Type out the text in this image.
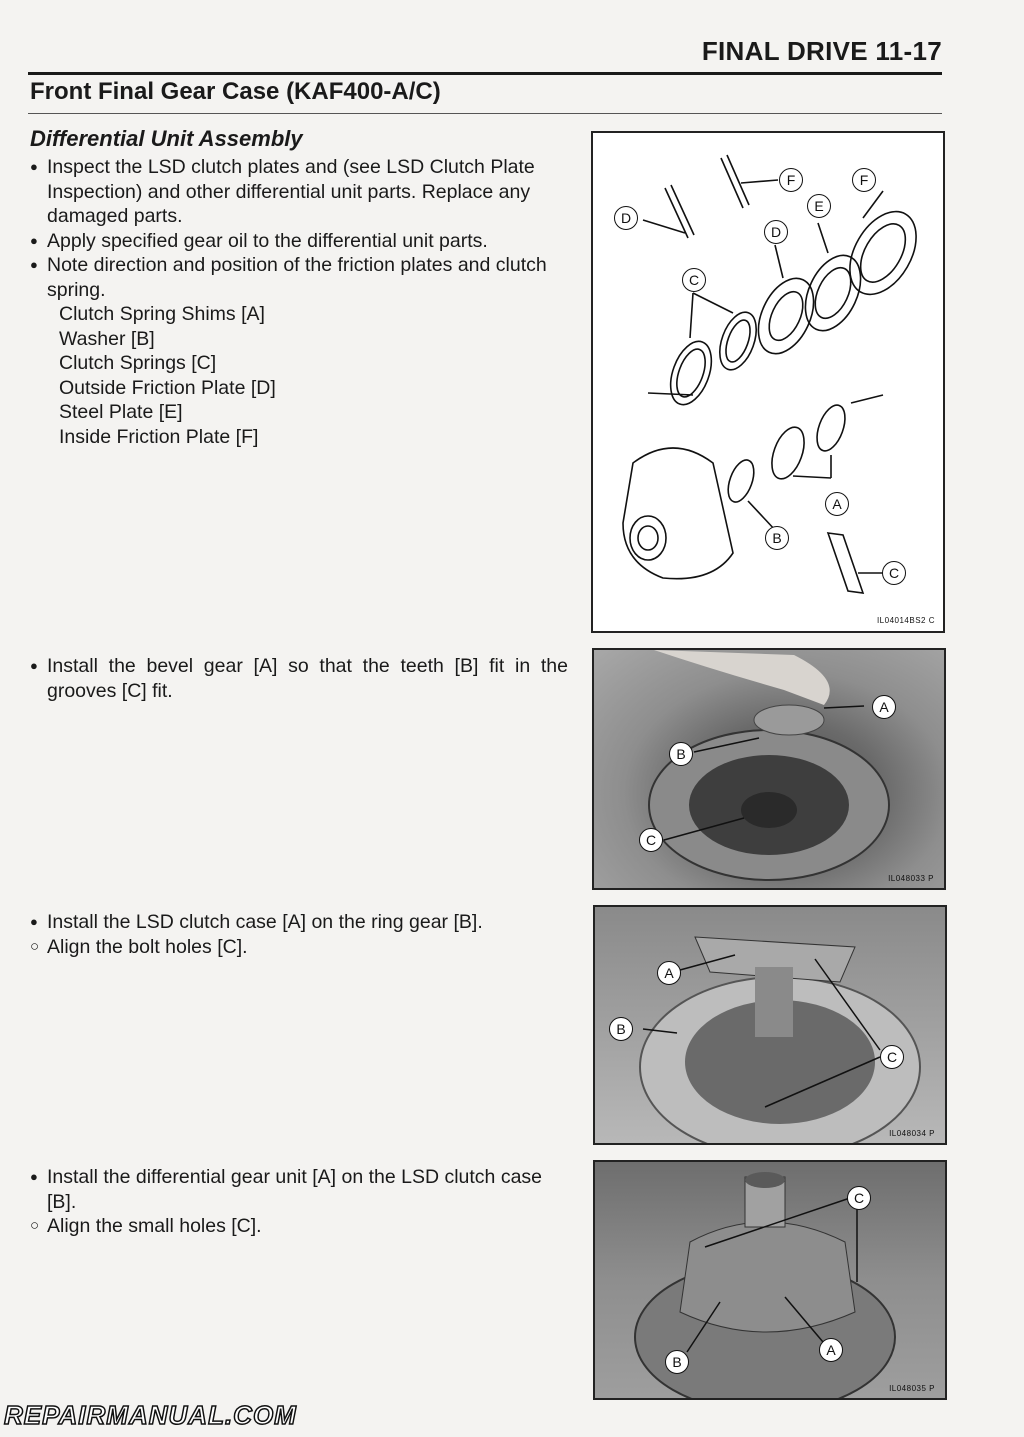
FINAL DRIVE 11-17
Front Final Gear Case (KAF400-A/C)
Differential Unit Assembly
● Inspect the LSD clutch plates and (see LSD Clutch Plate Inspection) and other differential unit parts. Replace any damaged parts.
● Apply specified gear oil to the differential unit parts.
● Note direction and position of the friction plates and clutch spring.
Clutch Spring Shims [A]
Washer [B]
Clutch Springs [C]
Outside Friction Plate [D]
Steel Plate [E]
Inside Friction Plate [F]
D
F	F
E
D
C
A
B
C
IL04014BS2 C
● Install the bevel gear [A] so that the teeth [B] fit in the grooves [C] fit.
A
B
C
IL048033 P
● Install the LSD clutch case [A] on the ring gear [B].
○ Align the bolt holes [C].
A
B
C
IL048034 P
● Install the differential gear unit [A] on the LSD clutch case [B].
○ Align the small holes [C].
C
A
B
IL048035 P
REPAIRMANUAL.COM
